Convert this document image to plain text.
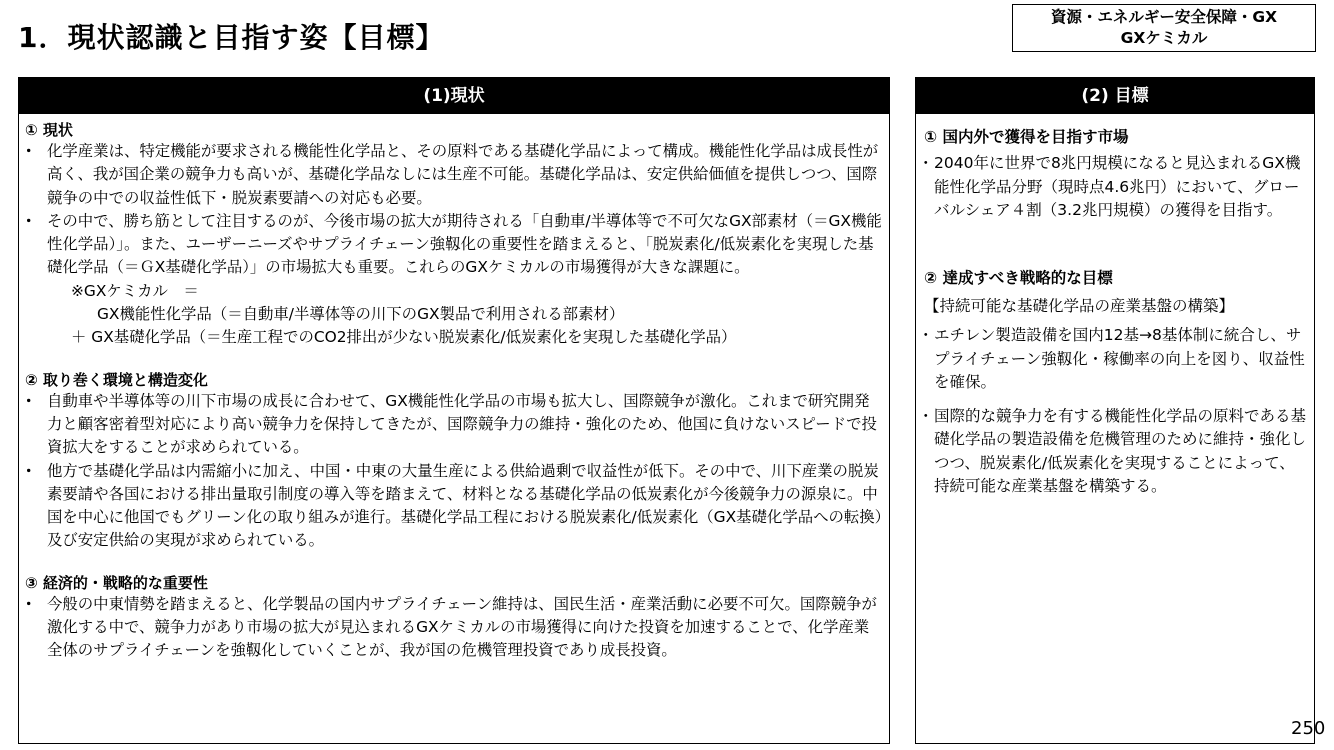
1．現状認識と目指す姿【目標】
資源・エネルギー安全保障・GX
GXケミカル
(1)現状
① 現状
・ 化学産業は、特定機能が要求される機能性化学品と、その原料である基礎化学品によって構成。機能性化学品は成長性が高く、我が国企業の競争力も高いが、基礎化学品なしには生産不可能。基礎化学品は、安定供給価値を提供しつつ、国際競争の中での収益性低下・脱炭素要請への対応も必要。
・ その中で、勝ち筋として注目するのが、今後市場の拡大が期待される「自動車/半導体等で不可欠なGX部素材（＝GX機能性化学品）」。また、ユーザーニーズやサプライチェーン強靱化の重要性を踏まえると、「脱炭素化/低炭素化を実現した基礎化学品（＝ＧX基礎化学品）」の市場拡大も重要。これらのGXケミカルの市場獲得が大きな課題に。
※GXケミカル　＝
GX機能性化学品（＝自動車/半導体等の川下のGX製品で利用される部素材）
＋ GX基礎化学品（＝生産工程でのCO2排出が少ない脱炭素化/低炭素化を実現した基礎化学品）
② 取り巻く環境と構造変化
・ 自動車や半導体等の川下市場の成長に合わせて、GX機能性化学品の市場も拡大し、国際競争が激化。これまで研究開発力と顧客密着型対応により高い競争力を保持してきたが、国際競争力の維持・強化のため、他国に負けないスピードで投資拡大をすることが求められている。
・ 他方で基礎化学品は内需縮小に加え、中国・中東の大量生産による供給過剰で収益性が低下。その中で、川下産業の脱炭素要請や各国における排出量取引制度の導入等を踏まえて、材料となる基礎化学品の低炭素化が今後競争力の源泉に。中国を中心に他国でもグリーン化の取り組みが進行。基礎化学品工程における脱炭素化/低炭素化（GX基礎化学品への転換）及び安定供給の実現が求められている。
③ 経済的・戦略的な重要性
・ 今般の中東情勢を踏まえると、化学製品の国内サプライチェーン維持は、国民生活・産業活動に必要不可欠。国際競争が激化する中で、競争力があり市場の拡大が見込まれるGXケミカルの市場獲得に向けた投資を加速することで、化学産業全体のサプライチェーンを強靱化していくことが、我が国の危機管理投資であり成長投資。
(2) 目標
① 国内外で獲得を目指す市場
・ 2040年に世界で8兆円規模になると見込まれるGX機能性化学品分野（現時点4.6兆円）において、グローバルシェア４割（3.2兆円規模）の獲得を目指す。
② 達成すべき戦略的な目標
【持続可能な基礎化学品の産業基盤の構築】
・ エチレン製造設備を国内12基→8基体制に統合し、サプライチェーン強靱化・稼働率の向上を図り、収益性を確保。
・ 国際的な競争力を有する機能性化学品の原料である基礎化学品の製造設備を危機管理のために維持・強化しつつ、脱炭素化/低炭素化を実現することによって、持続可能な産業基盤を構築する。
250
